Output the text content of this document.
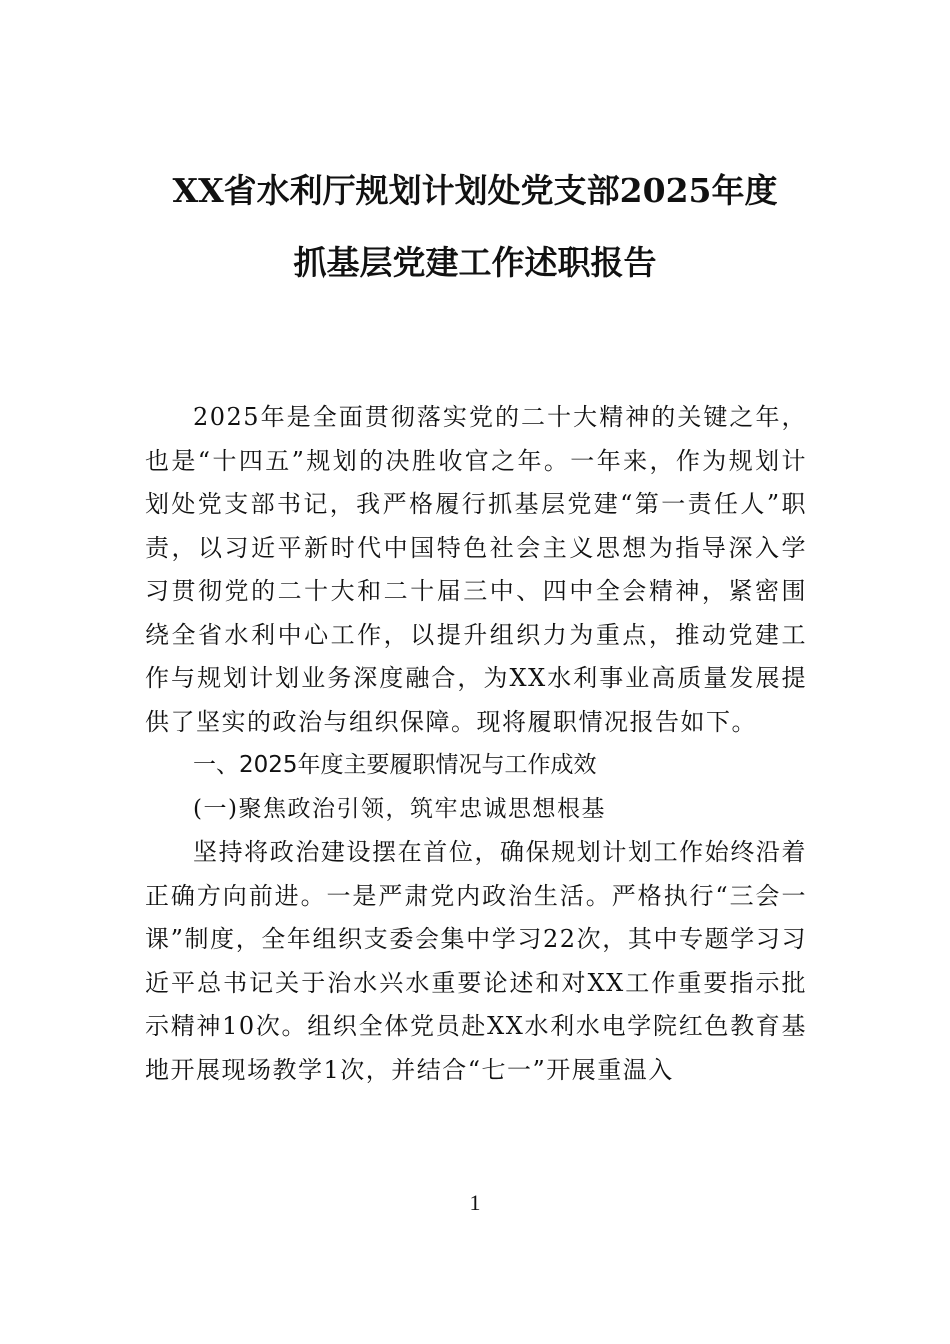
XX省水利厅规划计划处党支部2025年度
抓基层党建工作述职报告

2025年是全面贯彻落实党的二十大精神的关键之年，也是“十四五”规划的决胜收官之年。一年来，作为规划计划处党支部书记，我严格履行抓基层党建“第一责任人”职责，以习近平新时代中国特色社会主义思想为指导深入学习贯彻党的二十大和二十届三中、四中全会精神，紧密围绕全省水利中心工作，以提升组织力为重点，推动党建工作与规划计划业务深度融合，为XX水利事业高质量发展提供了坚实的政治与组织保障。现将履职情况报告如下。

一、2025年度主要履职情况与工作成效

(一)聚焦政治引领，筑牢忠诚思想根基

坚持将政治建设摆在首位，确保规划计划工作始终沿着正确方向前进。一是严肃党内政治生活。严格执行“三会一课”制度，全年组织支委会集中学习22次，其中专题学习习近平总书记关于治水兴水重要论述和对XX工作重要指示批示精神10次。组织全体党员赴XX水利水电学院红色教育基地开展现场教学1次，并结合“七一”开展重温入

1
